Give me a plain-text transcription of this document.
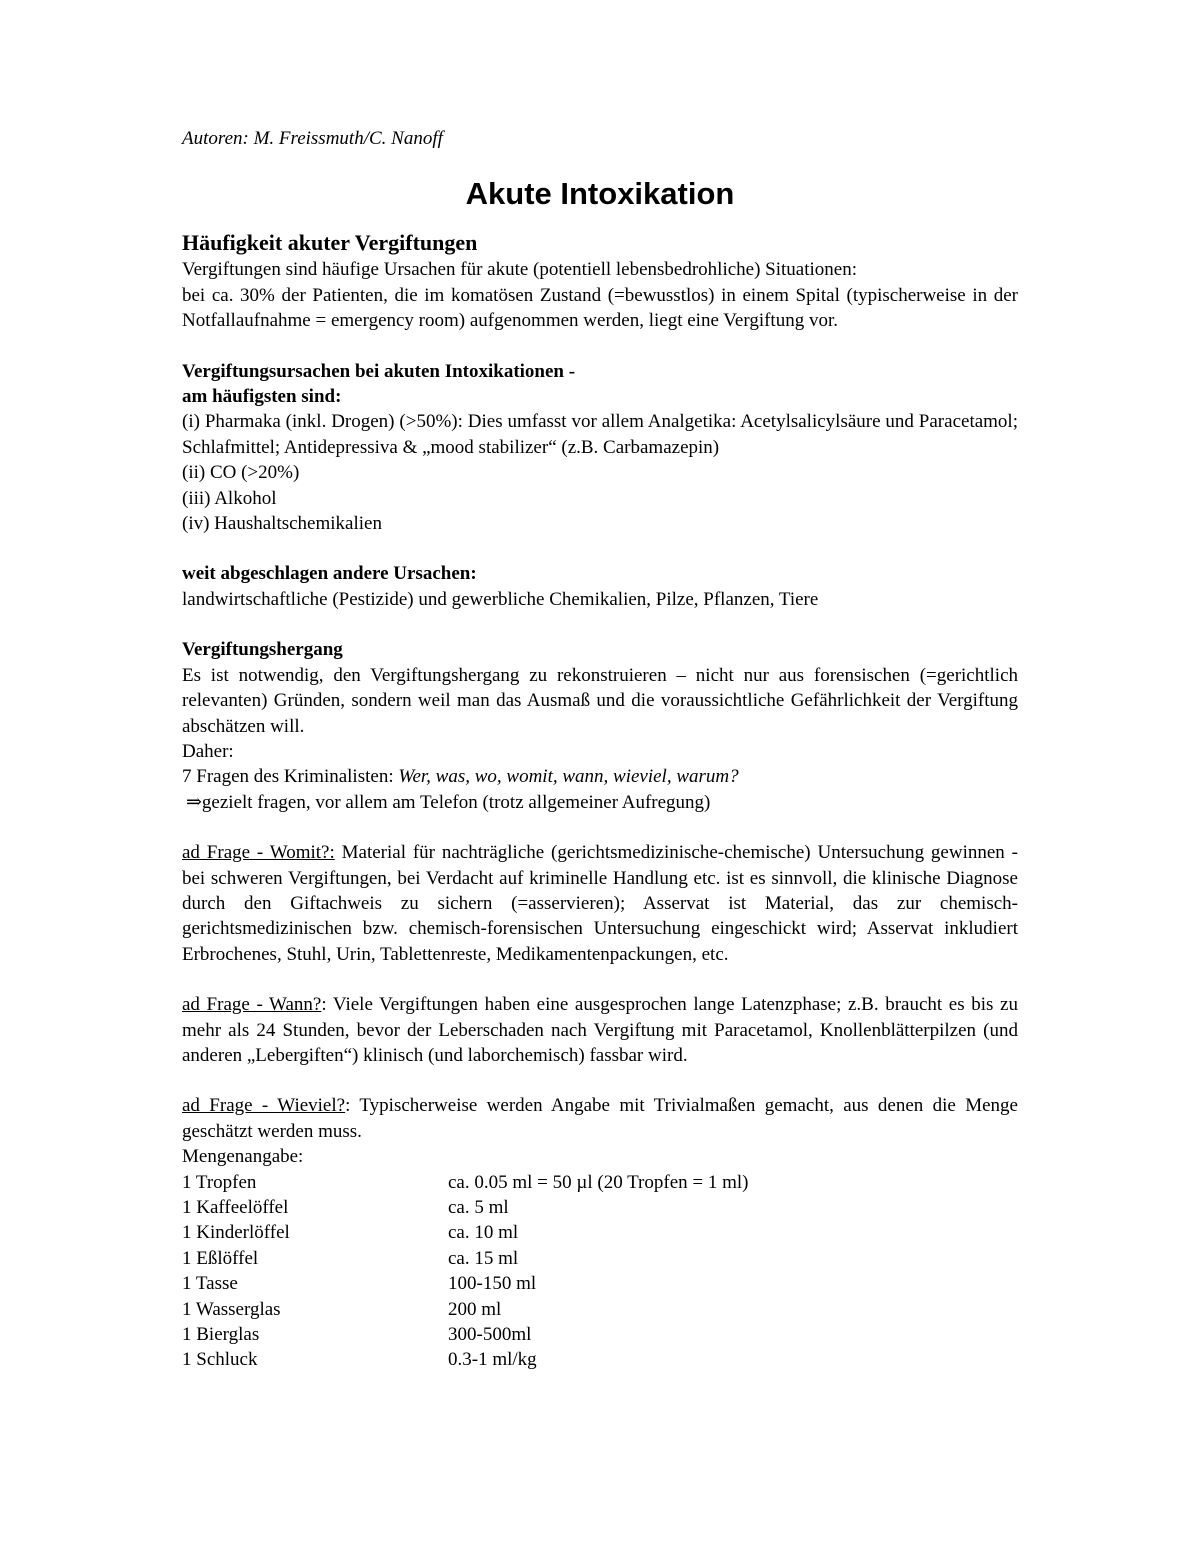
Autoren: M. Freissmuth/C. Nanoff

Akute Intoxikation
Häufigkeit akuter Vergiftungen

Vergiftungen sind häufige Ursachen für akute (potentiell lebensbedrohliche) Situationen:

bei ca. 30% der Patienten, die im komatösen Zustand (=bewusstlos) in einem Spital (typischerweise in der Notfallaufnahme = emergency room) aufgenommen werden, liegt eine Vergiftung vor.

Vergiftungsursachen bei akuten Intoxikationen -

am häufigsten sind:

(i) Pharmaka (inkl. Drogen) (>50%): Dies umfasst vor allem Analgetika: Acetylsalicylsäure und Paracetamol; Schlafmittel; Antidepressiva & „mood stabilizer“ (z.B. Carbamazepin)

(ii) CO (>20%)

(iii) Alkohol

(iv) Haushaltschemikalien

weit abgeschlagen andere Ursachen:

landwirtschaftliche (Pestizide) und gewerbliche Chemikalien, Pilze, Pflanzen, Tiere

Vergiftungshergang

Es ist notwendig, den Vergiftungshergang zu rekonstruieren – nicht nur aus forensischen (=gerichtlich relevanten) Gründen, sondern weil man das Ausmaß und die voraussichtliche Gefährlichkeit der Vergiftung abschätzen will.

Daher:

7 Fragen des Kriminalisten: Wer, was, wo, womit, wann, wieviel, warum?

⇒gezielt fragen, vor allem am Telefon (trotz allgemeiner Aufregung)

ad Frage - Womit?: Material für nachträgliche (gerichtsmedizinische-chemische) Untersuchung gewinnen - bei schweren Vergiftungen, bei Verdacht auf kriminelle Handlung etc. ist es sinnvoll, die klinische Diagnose durch den Giftachweis zu sichern (=asservieren); Asservat ist Material, das zur chemisch-gerichtsmedizinischen bzw. chemisch-forensischen Untersuchung eingeschickt wird; Asservat inkludiert Erbrochenes, Stuhl, Urin, Tablettenreste, Medikamentenpackungen, etc.

ad Frage - Wann?: Viele Vergiftungen haben eine ausgesprochen lange Latenzphase; z.B. braucht es bis zu mehr als 24 Stunden, bevor der Leberschaden nach Vergiftung mit Paracetamol, Knollenblätterpilzen (und anderen „Lebergiften“) klinisch (und laborchemisch) fassbar wird.

ad Frage - Wieviel?: Typischerweise werden Angabe mit Trivialmaßen gemacht, aus denen die Menge geschätzt werden muss.

Mengenangabe:

1 Tropfen	ca. 0.05 ml = 50 µl (20 Tropfen = 1 ml)
1 Kaffeelöffel	ca. 5 ml
1 Kinderlöffel	ca. 10 ml
1 Eßlöffel	ca. 15 ml
1 Tasse	100-150 ml
1 Wasserglas	200 ml
1 Bierglas	300-500ml
1 Schluck	0.3-1 ml/kg
